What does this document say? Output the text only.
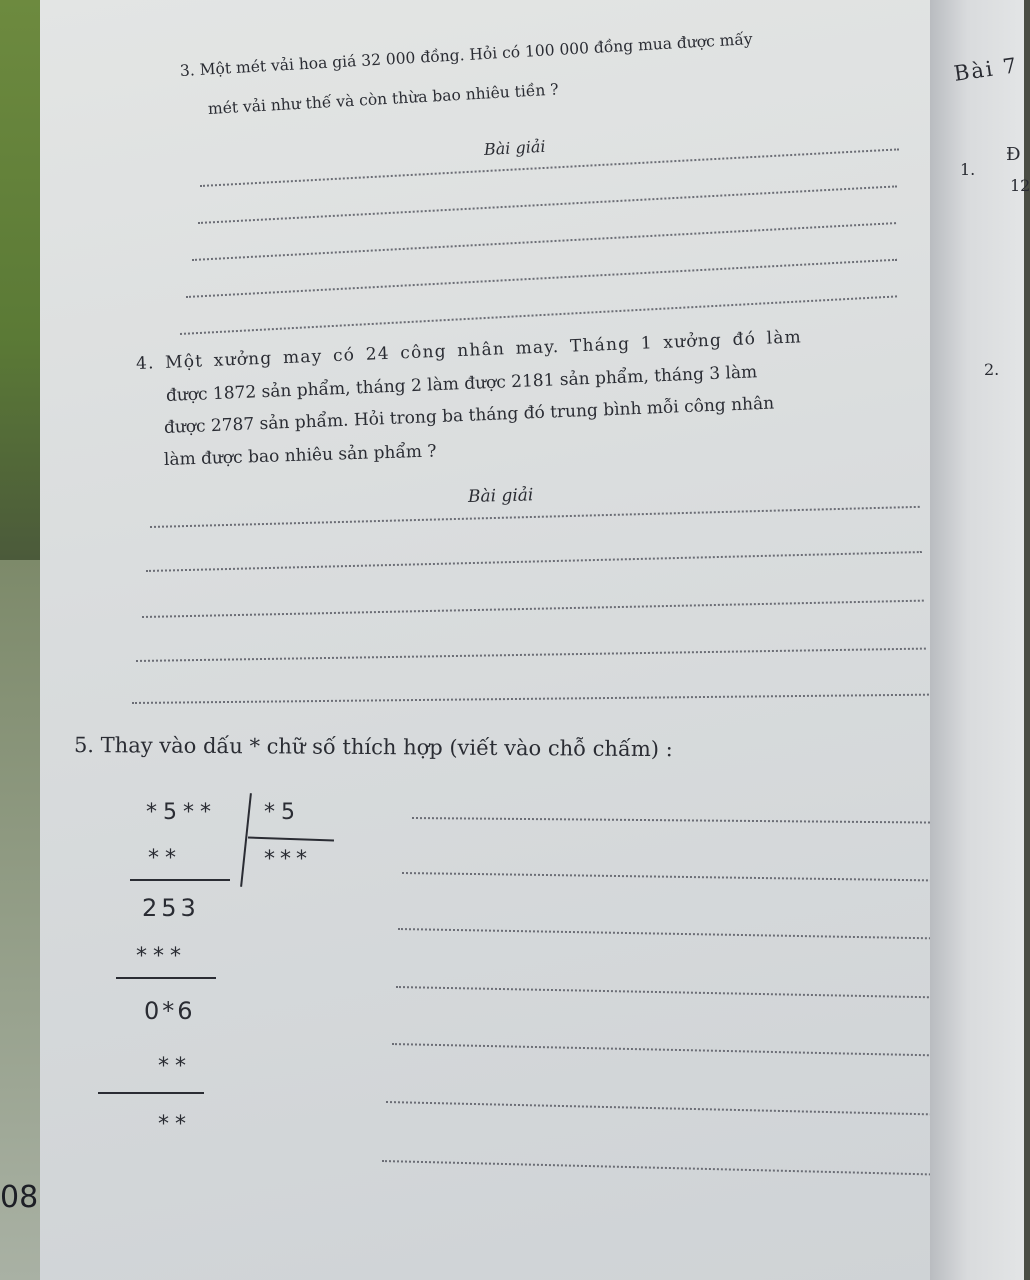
3. Một mét vải hoa giá 32 000 đồng. Hỏi có 100 000 đồng mua được mấy
mét vải như thế và còn thừa bao nhiêu tiền ?
Bài giải
4. Một xưởng may có 24 công nhân may. Tháng 1 xưởng đó làm
được 1872 sản phẩm, tháng 2 làm được 2181 sản phẩm, tháng 3 làm
được 2787 sản phẩm. Hỏi trong ba tháng đó trung bình mỗi công nhân
làm được bao nhiêu sản phẩm ?
Bài giải
5. Thay vào dấu * chữ số thích hợp (viết vào chỗ chấm) :
*5** *5
***
**
253
***
0*6
**
**
Bài 7
1.
Đ
12
2.
08
